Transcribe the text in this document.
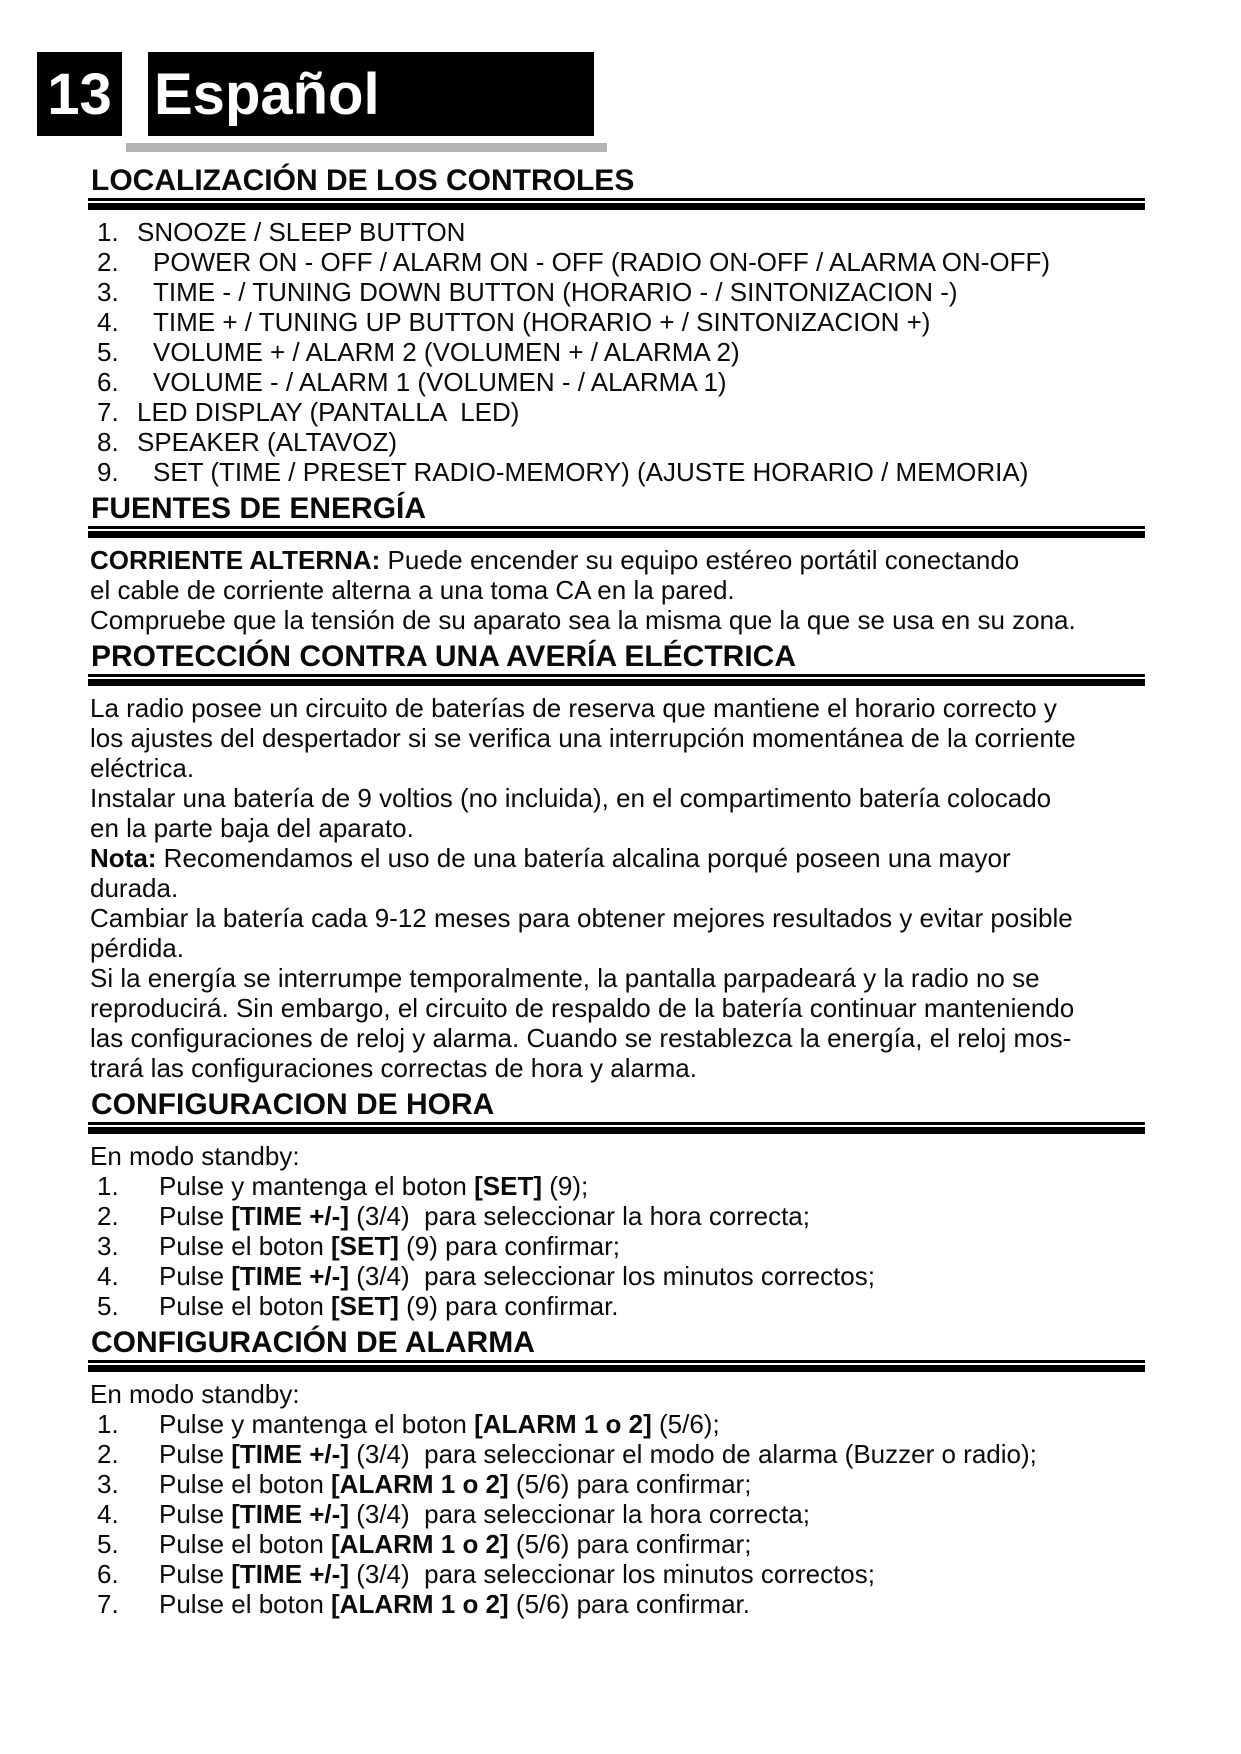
13 Español
LOCALIZACIÓN DE LOS CONTROLES
1. SNOOZE / SLEEP BUTTON
2.	POWER ON - OFF / ALARM ON - OFF (RADIO ON-OFF / ALARMA ON-OFF)
3.	TIME - / TUNING DOWN BUTTON (HORARIO - / SINTONIZACION -)
4.	TIME + / TUNING UP BUTTON (HORARIO + / SINTONIZACION +)
5.	VOLUME + / ALARM 2 (VOLUMEN + / ALARMA 2)
6.	VOLUME - / ALARM 1 (VOLUMEN - / ALARMA 1)
7. LED DISPLAY (PANTALLA  LED)
8. SPEAKER (ALTAVOZ)
9.	SET (TIME / PRESET RADIO-MEMORY) (AJUSTE HORARIO / MEMORIA)
FUENTES DE ENERGÍA
CORRIENTE ALTERNA: Puede encender su equipo estéreo portátil conectando
el cable de corriente alterna a una toma CA en la pared.
Compruebe que la tensión de su aparato sea la misma que la que se usa en su zona.
PROTECCIÓN CONTRA UNA AVERÍA ELÉCTRICA
La radio posee un circuito de baterías de reserva que mantiene el horario correcto y
los ajustes del despertador si se verifica una interrupción momentánea de la corriente
eléctrica.
Instalar una batería de 9 voltios (no incluida), en el compartimento batería colocado
en la parte baja del aparato.
Nota: Recomendamos el uso de una batería alcalina porqué poseen una mayor
durada.
Cambiar la batería cada 9-12 meses para obtener mejores resultados y evitar posible
pérdida.
Si la energía se interrumpe temporalmente, la pantalla parpadeará y la radio no se
reproducirá. Sin embargo, el circuito de respaldo de la batería continuar manteniendo
las configuraciones de reloj y alarma. Cuando se restablezca la energía, el reloj mos-
trará las configuraciones correctas de hora y alarma.
CONFIGURACION DE HORA
En modo standby:
1.	Pulse y mantenga el boton [SET] (9);
2.	Pulse [TIME +/-] (3/4)  para seleccionar la hora correcta;
3.	Pulse el boton [SET] (9) para confirmar;
4.	Pulse [TIME +/-] (3/4)  para seleccionar los minutos correctos;
5.	Pulse el boton [SET] (9) para confirmar.
CONFIGURACIÓN DE ALARMA
En modo standby:
1.	Pulse y mantenga el boton [ALARM 1 o 2] (5/6);
2.	Pulse [TIME +/-] (3/4)  para seleccionar el modo de alarma (Buzzer o radio);
3.	Pulse el boton [ALARM 1 o 2] (5/6) para confirmar;
4.	Pulse [TIME +/-] (3/4)  para seleccionar la hora correcta;
5.	Pulse el boton [ALARM 1 o 2] (5/6) para confirmar;
6.	Pulse [TIME +/-] (3/4)  para seleccionar los minutos correctos;
7.	Pulse el boton [ALARM 1 o 2] (5/6) para confirmar.
